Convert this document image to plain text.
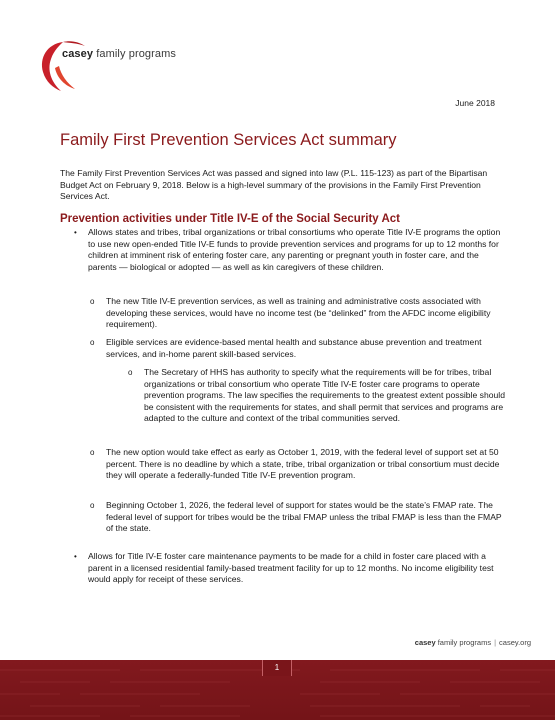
casey family programs
June 2018
Family First Prevention Services Act summary

The Family First Prevention Services Act was passed and signed into law (P.L. 115-123) as part of the Bipartisan Budget Act on February 9, 2018. Below is a high-level summary of the provisions in the Family First Prevention Services Act.

Prevention activities under Title IV-E of the Social Security Act
• Allows states and tribes, tribal organizations or tribal consortiums who operate Title IV-E programs the option to use new open-ended Title IV-E funds to provide prevention services and programs for up to 12 months for children at imminent risk of entering foster care, any parenting or pregnant youth in foster care, and the parents — biological or adopted — as well as kin caregivers of these children.

o The new Title IV-E prevention services, as well as training and administrative costs associated with developing these services, would have no income test (be “delinked” from the AFDC income eligibility requirement).

o Eligible services are evidence-based mental health and substance abuse prevention and treatment services, and in-home parent skill-based services.

o The Secretary of HHS has authority to specify what the requirements will be for tribes, tribal organizations or tribal consortium who operate Title IV-E foster care programs to operate prevention programs. The law specifies the requirements to the greatest extent possible should be consistent with the requirements for states, and shall permit that services and programs are adapted to the culture and context of the tribal communities served.

o The new option would take effect as early as October 1, 2019, with the federal level of support set at 50 percent. There is no deadline by which a state, tribe, tribal organization or tribal consortium must decide they will operate a federally-funded Title IV-E prevention program.

o Beginning October 1, 2026, the federal level of support for states would be the state’s FMAP rate. The federal level of support for tribes would be the tribal FMAP unless the tribal FMAP is less than the FMAP of the state.

• Allows for Title IV-E foster care maintenance payments to be made for a child in foster care placed with a parent in a licensed residential family-based treatment facility for up to 12 months. No income eligibility test would apply for receipt of these services.

casey family programs | casey.org
1
